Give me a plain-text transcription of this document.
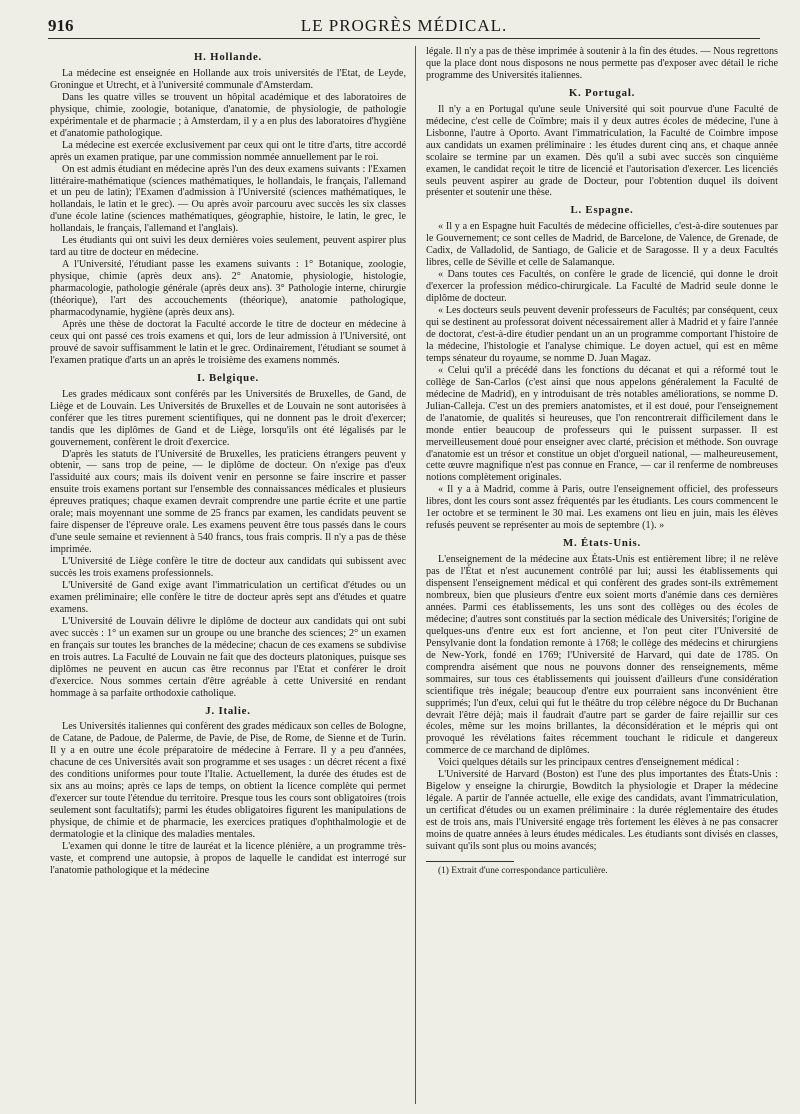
916	LE PROGRÈS MÉDICAL.
H. Hollande.

La médecine est enseignée en Hollande aux trois universités de l'Etat, de Leyde, Groningue et Utrecht, et à l'université communale d'Amsterdam.

Dans les quatre villes se trouvent un hôpital académique et des laboratoires de physique, chimie, zoologie, botanique, d'anatomie, de physiologie, de pathologie expérimentale et de pharmacie ; à Amsterdam, il y a en plus des laboratoires d'hygiène et d'anatomie pathologique.

La médecine est exercée exclusivement par ceux qui ont le titre d'arts, titre accordé après un examen pratique, par une commission nommée annuellement par le roi.

On est admis étudiant en médecine après l'un des deux examens suivants : l'Examen littéraire-mathématique (sciences mathématiques, le hollandais, le français, l'allemand et un peu de latin); l'Examen d'admission à l'Université (sciences mathématiques, le hollandais, le latin et le grec). — Ou après avoir parcouru avec succès les six classes d'une école latine (sciences mathématiques, géographie, histoire, le latin, le grec, le hollandais, le français, l'allemand et l'anglais).

Les étudiants qui ont suivi les deux dernières voies seulement, peuvent aspirer plus tard au titre de docteur en médecine.

A l'Université, l'étudiant passe les examens suivants : 1° Botanique, zoologie, physique, chimie (après deux ans). 2° Anatomie, physiologie, histologie, pharmacologie, pathologie générale (après deux ans). 3° Pathologie interne, chirurgie (théorique), l'art des accouchements (théorique), anatomie pathologique, pharmacodynamie, hygiène (après deux ans).

Après une thèse de doctorat la Faculté accorde le titre de docteur en médecine à ceux qui ont passé ces trois examens et qui, lors de leur admission à l'Université, ont prouvé de savoir suffisamment le latin et le grec. Ordinairement, l'étudiant se soumet à l'examen pratique d'arts un an après le troisième des examens nommés.

I. Belgique.

Les grades médicaux sont conférés par les Universités de Bruxelles, de Gand, de Liège et de Louvain. Les Universités de Bruxelles et de Louvain ne sont autorisées à conférer que les titres purement scientifiques, qui ne donnent pas le droit d'exercer; tandis que les diplômes de Gand et de Liège, lorsqu'ils ont été légalisés par le gouvernement, confèrent le droit d'exercice.

D'après les statuts de l'Université de Bruxelles, les praticiens étrangers peuvent y obtenir, — sans trop de peine, — le diplôme de docteur. On n'exige pas d'eux l'assiduité aux cours; mais ils doivent venir en personne se faire inscrire et passer ensuite trois examens portant sur l'ensemble des connaissances médicales et plusieurs épreuves pratiques; chaque examen devrait comprendre une partie écrite et une partie orale; mais moyennant une somme de 25 francs par examen, les candidats peuvent se faire dispenser de l'épreuve orale. Les examens peuvent être tous passés dans le cours d'une seule semaine et reviennent à 540 francs, tous frais compris. Il n'y a pas de thèse imprimée.

L'Université de Liège confère le titre de docteur aux candidats qui subissent avec succès les trois examens professionnels.

L'Université de Gand exige avant l'immatriculation un certificat d'études ou un examen préliminaire; elle confère le titre de docteur après sept ans d'études et quatre examens.

L'Université de Louvain délivre le diplôme de docteur aux candidats qui ont subi avec succès : 1° un examen sur un groupe ou une branche des sciences; 2° un examen en français sur toutes les branches de la médecine; chacun de ces examens se subdivise en trois autres. La Faculté de Louvain ne fait que des docteurs platoniques, puisque ses diplômes ne peuvent en aucun cas être reconnus par l'Etat et conférer le droit d'exercice. Nous sommes certain d'être agréable à cette Université en rendant hommage à sa parfaite orthodoxie catholique.

J. Italie.

Les Universités italiennes qui confèrent des grades médicaux son celles de Bologne, de Catane, de Padoue, de Palerme, de Pavie, de Pise, de Rome, de Sienne et de Turin. Il y a en outre une école préparatoire de médecine à Ferrare. Il y a peu d'années, chacune de ces Universités avait son programme et ses usages : un décret récent a fixé des conditions uniformes pour toute l'Italie. Actuellement, la durée des études est de six ans au moins; après ce laps de temps, on obtient la licence complète qui permet d'exercer sur toute l'étendue du territoire. Presque tous les cours sont obligatoires (trois seulement sont facultatifs); parmi les études obligatoires figurent les manipulations de physique, de chimie et de pharmacie, les exercices pratiques d'ophthalmologie et de dermatologie et la clinique des maladies mentales.

L'examen qui donne le titre de lauréat et la licence plénière, a un programme très-vaste, et comprend une autopsie, à propos de laquelle le candidat est interrogé sur l'anatomie pathologique et la médecine

légale. Il n'y a pas de thèse imprimée à soutenir à la fin des études. — Nous regrettons que la place dont nous disposons ne nous permette pas d'exposer avec détail le riche programme des Universités italiennes.

K. Portugal.

Il n'y a en Portugal qu'une seule Université qui soit pourvue d'une Faculté de médecine, c'est celle de Coïmbre; mais il y deux autres écoles de médecine, l'une à Lisbonne, l'autre à Oporto. Avant l'immatriculation, la Faculté de Coimbre impose aux candidats un examen préliminaire : les études durent cinq ans, et chaque année scolaire se termine par un examen. Dès qu'il a subi avec succès son cinquième examen, le candidat reçoit le titre de licencié et l'autorisation d'exercer. Les licenciés seuls peuvent aspirer au grade de Docteur, pour l'obtention duquel ils doivent présenter et soutenir une thèse.

L. Espagne.

« Il y a en Espagne huit Facultés de médecine officielles, c'est-à-dire soutenues par le Gouvernement; ce sont celles de Madrid, de Barcelone, de Valence, de Grenade, de Cadix, de Valladolid, de Santiago, de Galicie et de Saragosse. Il y a deux Facultés libres, celle de Séville et celle de Salamanque.

« Dans toutes ces Facultés, on confère le grade de licencié, qui donne le droit d'exercer la profession médico-chirurgicale. La Faculté de Madrid seule donne le diplôme de docteur.

« Les docteurs seuls peuvent devenir professeurs de Facultés; par conséquent, ceux qui se destinent au professorat doivent nécessairement aller à Madrid et y faire l'année de doctorat, c'est-à-dire étudier pendant un an un programme comportant l'histoire de la médecine, l'histologie et l'analyse chimique. Le doyen actuel, qui est en même temps sénateur du royaume, se nomme D. Juan Magaz.

« Celui qu'il a précédé dans les fonctions du décanat et qui a réformé tout le collège de San-Carlos (c'est ainsi que nous appelons généralement la Faculté de médecine de Madrid), en y introduisant de très notables améliorations, se nomme D. Julian-Calleja. C'est un des premiers anatomistes, et il est doué, pour l'enseignement de l'anatomie, de qualités si heureuses, que l'on rencontrerait difficilement dans le monde entier beaucoup de professeurs qui le puissent surpasser. Il est merveilleusement doué pour enseigner avec clarté, précision et méthode. Son ouvrage d'anatomie est un trésor et constitue un objet d'orgueil national, — malheureusement, cette œuvre magnifique n'est pas connue en France, — car il renferme de nombreuses notions complètement originales.

« Il y a à Madrid, comme à Paris, outre l'enseignement officiel, des professeurs libres, dont les cours sont assez fréquentés par les étudiants. Les cours commencent le 1er octobre et se terminent le 30 mai. Les examens ont lieu en juin, mais les élèves refusés peuvent se représenter au mois de septembre (1). »

M. États-Unis.

L'enseignement de la médecine aux États-Unis est entièrement libre; il ne relève pas de l'État et n'est aucunement contrôlé par lui; aussi les établissements qui dispensent l'enseignement médical et qui confèrent des grades sont-ils extrêmement nombreux, bien que plusieurs d'entre eux soient morts d'anémie dans ces dernières années. Parmi ces établissements, les uns sont des collèges ou des écoles de médecine; d'autres sont constitués par la section médicale des Universités; l'origine de quelques-uns d'entre eux est fort ancienne, et l'on peut citer l'Université de Pensylvanie dont la fondation remonte à 1768; le collège des médecins et chirurgiens de New-York, fondé en 1769; l'Université de Harvard, qui date de 1785. On comprendra aisément que nous ne pouvons donner des renseignements, même sommaires, sur tous ces établissements qui jouissent d'ailleurs d'une considération scientifique très inégale; beaucoup d'entre eux pourraient sans inconvénient être supprimés; l'un d'eux, celui qui fut le théâtre du trop célèbre négoce du Dr Buchanan devrait l'être déjà; mais il faudrait d'autre part se garder de faire rejaillir sur ces écoles, même sur les moins brillantes, la déconsidération et le mépris qui ont provoqué les révélations faites récemment touchant le ridicule et dangereux commerce de ce marchand de diplômes.

Voici quelques détails sur les principaux centres d'enseignement médical :

L'Université de Harvard (Boston) est l'une des plus importantes des États-Unis : Bigelow y enseigne la chirurgie, Bowditch la physiologie et Draper la médecine légale. A partir de l'année actuelle, elle exige des candidats, avant l'immatriculation, un certificat d'études ou un examen préliminaire : la durée réglementaire des études est de trois ans, mais l'Université engage très fortement les élèves à ne pas consacrer moins de quatre années à leurs études médicales. Les étudiants sont divisés en classes, suivant qu'ils sont plus ou moins avancés;

(1) Extrait d'une correspondance particulière.
